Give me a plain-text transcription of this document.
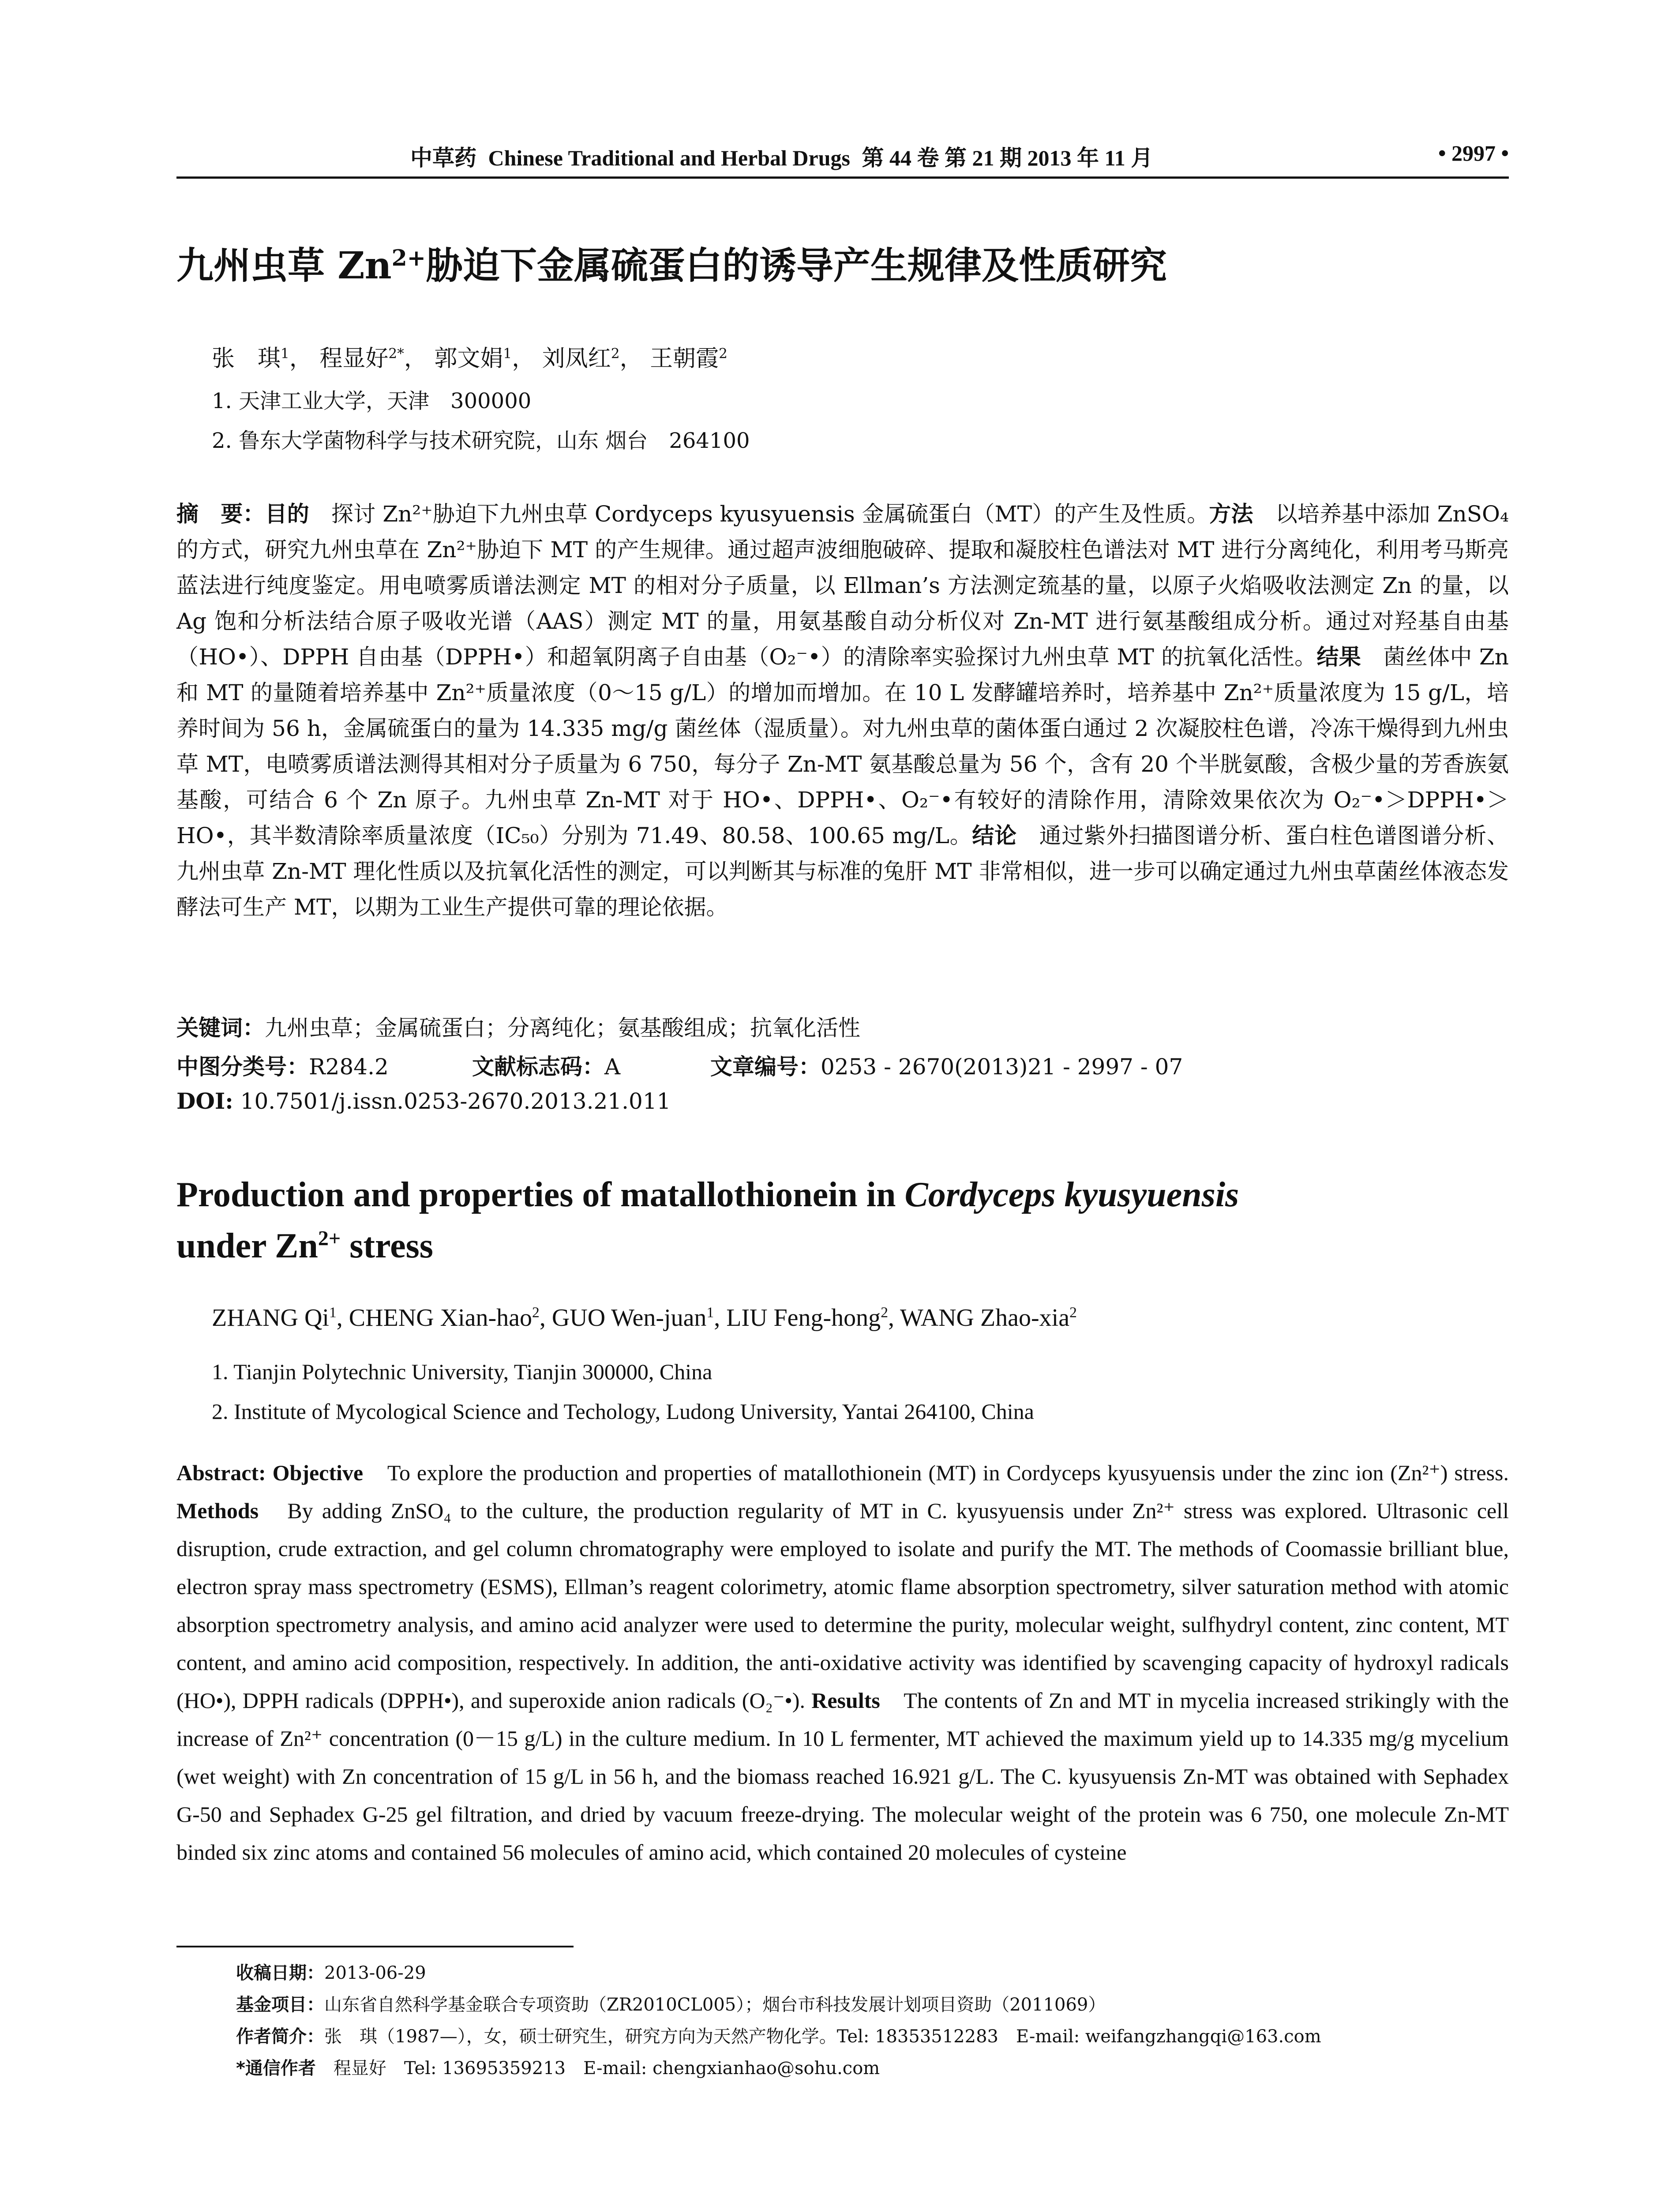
中草药 Chinese Traditional and Herbal Drugs 第 44 卷 第 21 期 2013 年 11 月	• 2997 •
九州虫草 $Zn^{2+}$胁迫下金属硫蛋白的诱导产生规律及性质研究
张　琪$^1$， 程显好$^{2*}$， 郭文娟$^1$， 刘凤红$^2$， 王朝霞$^2$
1. 天津工业大学，天津　300000
2. 鲁东大学菌物科学与技术研究院，山东 烟台　264100

摘　要：目的　探讨 Zn²⁺胁迫下九州虫草 Cordyceps kyusyuensis 金属硫蛋白（MT）的产生及性质。方法　以培养基中添加 ZnSO₄ 的方式，研究九州虫草在 Zn²⁺胁迫下 MT 的产生规律。通过超声波细胞破碎、提取和凝胶柱色谱法对 MT 进行分离纯化，利用考马斯亮蓝法进行纯度鉴定。用电喷雾质谱法测定 MT 的相对分子质量，以 Ellman’s 方法测定巯基的量，以原子火焰吸收法测定 Zn 的量，以 Ag 饱和分析法结合原子吸收光谱（AAS）测定 MT 的量，用氨基酸自动分析仪对 Zn-MT 进行氨基酸组成分析。通过对羟基自由基（HO•）、DPPH 自由基（DPPH•）和超氧阴离子自由基（O₂⁻•）的清除率实验探讨九州虫草 MT 的抗氧化活性。结果　菌丝体中 Zn 和 MT 的量随着培养基中 Zn²⁺质量浓度（0～15 g/L）的增加而增加。在 10 L 发酵罐培养时，培养基中 Zn²⁺质量浓度为 15 g/L，培养时间为 56 h，金属硫蛋白的量为 14.335 mg/g 菌丝体（湿质量）。对九州虫草的菌体蛋白通过 2 次凝胶柱色谱，冷冻干燥得到九州虫草 MT，电喷雾质谱法测得其相对分子质量为 6 750，每分子 Zn-MT 氨基酸总量为 56 个，含有 20 个半胱氨酸，含极少量的芳香族氨基酸，可结合 6 个 Zn 原子。九州虫草 Zn-MT 对于 HO•、DPPH•、O₂⁻•有较好的清除作用，清除效果依次为 O₂⁻•＞DPPH•＞HO•，其半数清除率质量浓度（IC₅₀）分别为 71.49、80.58、100.65 mg/L。结论　通过紫外扫描图谱分析、蛋白柱色谱图谱分析、九州虫草 Zn-MT 理化性质以及抗氧化活性的测定，可以判断其与标准的兔肝 MT 非常相似，进一步可以确定通过九州虫草菌丝体液态发酵法可生产 MT，以期为工业生产提供可靠的理论依据。

关键词：九州虫草；金属硫蛋白；分离纯化；氨基酸组成；抗氧化活性
中图分类号：R284.2	文献标志码：A	文章编号：0253 - 2670(2013)21 - 2997 - 07
DOI: 10.7501/j.issn.0253-2670.2013.21.011
Production and properties of matallothionein in Cordyceps kyusyuensis
under $Zn^{2+}$ stress
ZHANG Qi$^1$, CHENG Xian-hao$^2$, GUO Wen-juan$^1$, LIU Feng-hong$^2$, WANG Zhao-xia$^2$
1. Tianjin Polytechnic University, Tianjin 300000, China
2. Institute of Mycological Science and Techology, Ludong University, Yantai 264100, China
Abstract: Objective　To explore the production and properties of matallothionein (MT) in Cordyceps kyusyuensis under the zinc ion (Zn²⁺) stress. Methods　By adding ZnSO₄ to the culture, the production regularity of MT in C. kyusyuensis under Zn²⁺ stress was explored. Ultrasonic cell disruption, crude extraction, and gel column chromatography were employed to isolate and purify the MT. The methods of Coomassie brilliant blue, electron spray mass spectrometry (ESMS), Ellman’s reagent colorimetry, atomic flame absorption spectrometry, silver saturation method with atomic absorption spectrometry analysis, and amino acid analyzer were used to determine the purity, molecular weight, sulfhydryl content, zinc content, MT content, and amino acid composition, respectively. In addition, the anti-oxidative activity was identified by scavenging capacity of hydroxyl radicals (HO•), DPPH radicals (DPPH•), and superoxide anion radicals (O₂⁻•). Results　The contents of Zn and MT in mycelia increased strikingly with the increase of Zn²⁺ concentration (0－15 g/L) in the culture medium. In 10 L fermenter, MT achieved the maximum yield up to 14.335 mg/g mycelium (wet weight) with Zn concentration of 15 g/L in 56 h, and the biomass reached 16.921 g/L. The C. kyusyuensis Zn-MT was obtained with Sephadex G-50 and Sephadex G-25 gel filtration, and dried by vacuum freeze-drying. The molecular weight of the protein was 6 750, one molecule Zn-MT binded six zinc atoms and contained 56 molecules of amino acid, which contained 20 molecules of cysteine
收稿日期：2013-06-29
基金项目：山东省自然科学基金联合专项资助（ZR2010CL005）；烟台市科技发展计划项目资助（2011069）
作者简介：张　琪（1987—），女，硕士研究生，研究方向为天然产物化学。Tel: 18353512283　E-mail: weifangzhangqi@163.com
*通信作者　程显好　Tel: 13695359213　E-mail: chengxianhao@sohu.com
